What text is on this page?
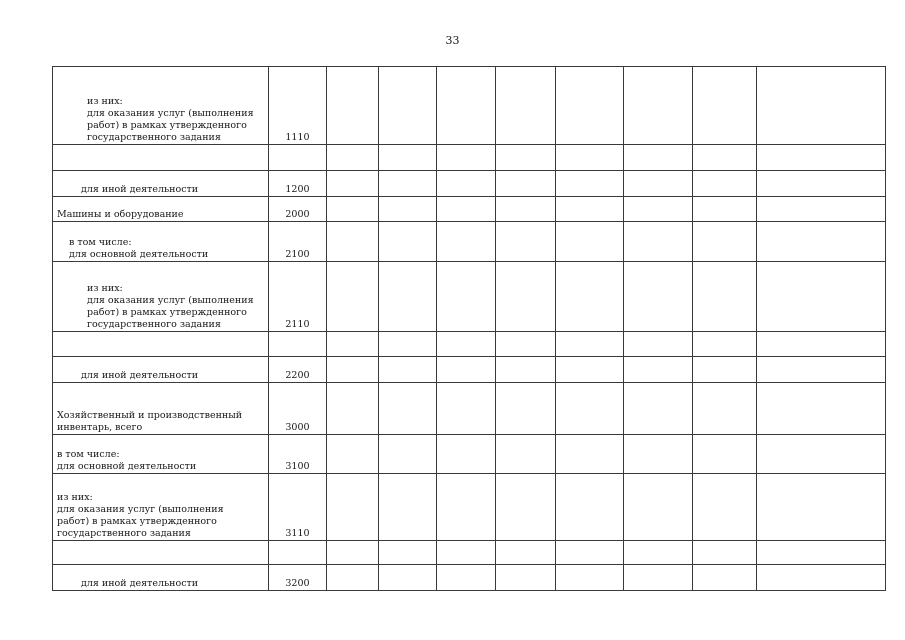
33
из них:
для оказания услуг (выполнения
работ) в рамках утвержденного
государственного задания	1110								

для иной деятельности	1200								
Машины и оборудование	2000								

в том числе:
для основной деятельности	2100								

из них:
для оказания услуг (выполнения
работ) в рамках утвержденного
государственного задания	2110								

для иной деятельности	2200								

Хозяйственный и производственный
инвентарь, всего	3000								

в том числе:
для основной деятельности	3100								

из них:
для оказания услуг (выполнения
работ) в рамках утвержденного
государственного задания	3110								

для иной деятельности	3200								
